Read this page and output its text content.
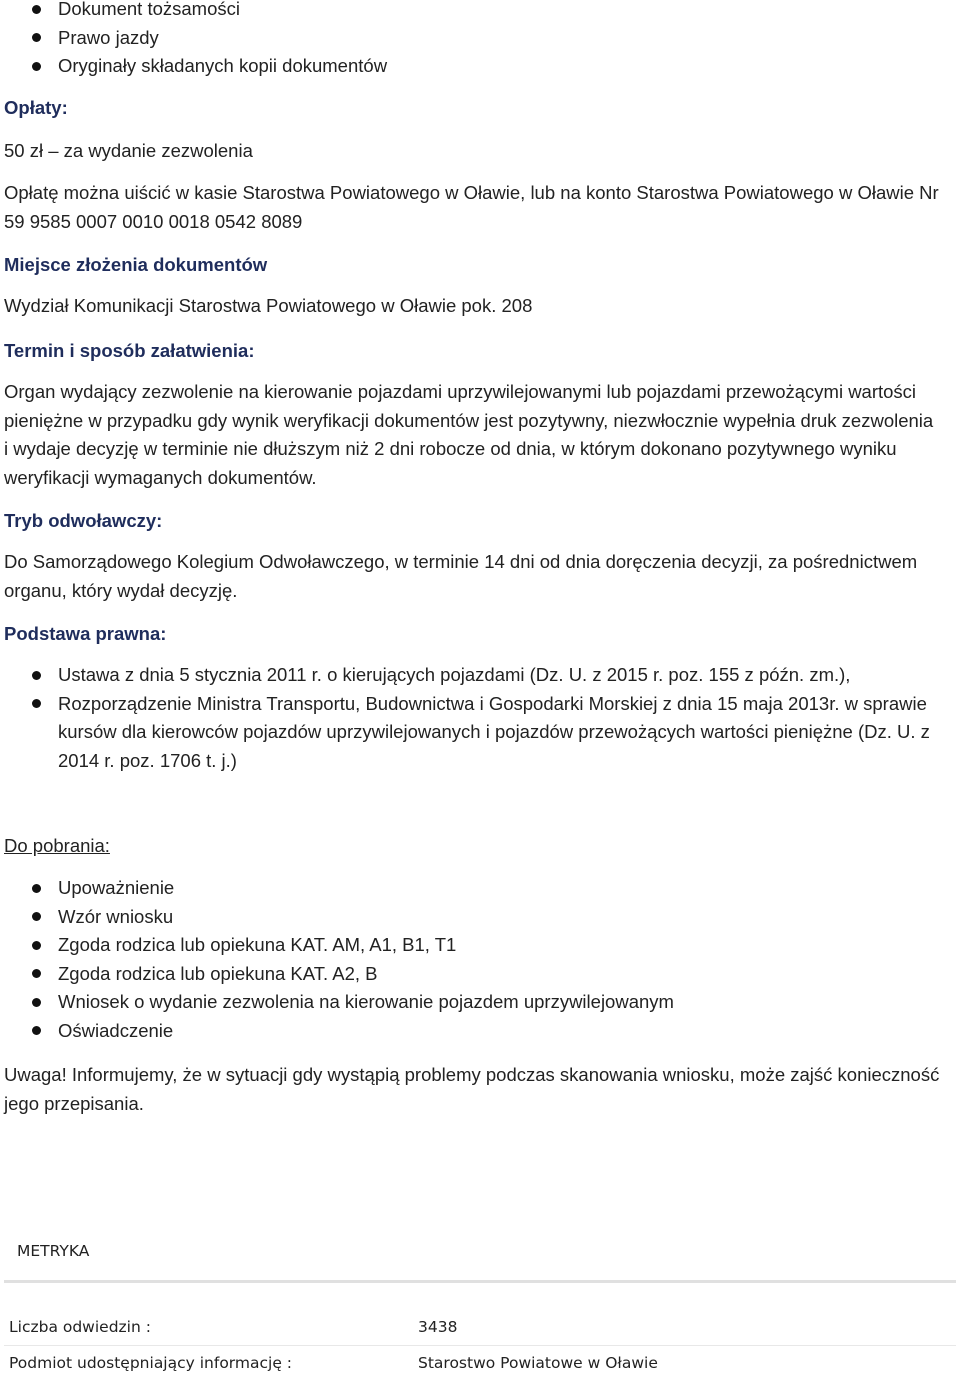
Dokument tożsamości
Prawo jazdy
Oryginały składanych kopii dokumentów
Opłaty:
50 zł – za wydanie zezwolenia
Opłatę można uiścić w kasie Starostwa Powiatowego w Oławie, lub na konto Starostwa Powiatowego w Oławie Nr 59 9585 0007 0010 0018 0542 8089
Miejsce złożenia dokumentów
Wydział Komunikacji Starostwa Powiatowego w Oławie pok. 208
Termin i sposób załatwienia:
Organ wydający zezwolenie na kierowanie pojazdami uprzywilejowanymi lub pojazdami przewożącymi wartości pieniężne w przypadku gdy wynik weryfikacji dokumentów jest pozytywny, niezwłocznie wypełnia druk zezwolenia i wydaje decyzję w terminie nie dłuższym niż 2 dni robocze od dnia, w którym dokonano pozytywnego wyniku weryfikacji wymaganych dokumentów.
Tryb odwoławczy:
Do Samorządowego Kolegium Odwoławczego, w terminie 14 dni od dnia doręczenia decyzji, za pośrednictwem organu, który wydał decyzję.
Podstawa prawna:
Ustawa z dnia 5 stycznia 2011 r. o kierujących pojazdami (Dz. U. z 2015 r. poz. 155 z późn. zm.),
Rozporządzenie Ministra Transportu, Budownictwa i Gospodarki Morskiej z dnia 15 maja 2013r. w sprawie kursów dla kierowców pojazdów uprzywilejowanych i pojazdów przewożących wartości pieniężne (Dz. U. z 2014 r. poz. 1706 t. j.)
Do pobrania:
Upoważnienie
Wzór wniosku
Zgoda rodzica lub opiekuna KAT. AM, A1, B1, T1
Zgoda rodzica lub opiekuna KAT. A2, B
Wniosek o wydanie zezwolenia na kierowanie pojazdem uprzywilejowanym
Oświadczenie
Uwaga! Informujemy, że w sytuacji gdy wystąpią problemy podczas skanowania wniosku, może zajść konieczność jego przepisania.
METRYKA
Liczba odwiedzin :	3438
Podmiot udostępniający informację :	Starostwo Powiatowe w Oławie
